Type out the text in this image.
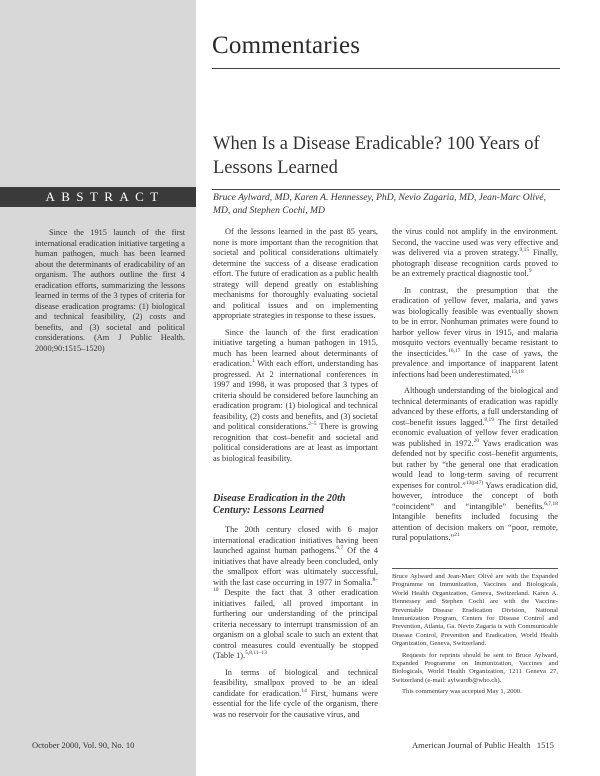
Commentaries
When Is a Disease Eradicable? 100 Years of Lessons Learned
ABSTRACT	Bruce Aylward, MD, Karen A. Hennessey, PhD, Nevio Zagaria, MD, Jean-Marc Olivé, MD, and Stephen Cochi, MD

Since the 1915 launch of the first international eradication initiative targeting a human pathogen, much has been learned about the determinants of eradicability of an organism. The authors outline the first 4 eradication efforts, summarizing the lessons learned in terms of the 3 types of criteria for disease eradication programs: (1) biological and technical feasibility, (2) costs and benefits, and (3) societal and political considerations. (Am J Public Health. 2000;90:1515–1520)

Of the lessons learned in the past 85 years, none is more important than the recognition that societal and political considerations ultimately determine the success of a disease eradication effort. The future of eradication as a public health strategy will depend greatly on establishing mechanisms for thoroughly evaluating societal and political issues and on implementing appropriate strategies in response to these issues.

Since the launch of the first eradication initiative targeting a human pathogen in 1915, much has been learned about determinants of eradication.$^1$ With each effort, understanding has progressed. At 2 international conferences in 1997 and 1998, it was proposed that 3 types of criteria should be considered before launching an eradication program: (1) biological and technical feasibility, (2) costs and benefits, and (3) societal and political considerations.$^{2-5}$ There is growing recognition that cost–benefit and societal and political considerations are at least as important as biological feasibility.

Disease Eradication in the 20th Century: Lessons Learned

The 20th century closed with 6 major international eradication initiatives having been launched against human pathogens.$^{6,7}$ Of the 4 initiatives that have already been concluded, only the smallpox effort was ultimately successful, with the last case occurring in 1977 in Somalia.$^{8-10}$ Despite the fact that 3 other eradication initiatives failed, all proved important in furthering our understanding of the principal criteria necessary to interrupt transmission of an organism on a global scale to such an extent that control measures could eventually be stopped (Table 1).$^{5,8,11-13}$

In terms of biological and technical feasibility, smallpox proved to be an ideal candidate for eradication.$^{14}$ First, humans were essential for the life cycle of the organism, there was no reservoir for the causative virus, and

the virus could not amplify in the environment. Second, the vaccine used was very effective and was delivered via a proven strategy.$^{9,15}$ Finally, photograph disease recognition cards proved to be an extremely practical diagnostic tool.$^9$

In contrast, the presumption that the eradication of yellow fever, malaria, and yaws was biologically feasible was eventually shown to be in error. Nonhuman primates were found to harbor yellow fever virus in 1915, and malaria mosquito vectors eventually became resistant to the insecticides.$^{16,17}$ In the case of yaws, the prevalence and importance of inapparent latent infections had been underestimated.$^{13,18}$

Although understanding of the biological and technical determinants of eradication was rapidly advanced by these efforts, a full understanding of cost–benefit issues lagged.$^{8,19}$ The first detailed economic evaluation of yellow fever eradication was published in 1972.20 Yaws eradication was defended not by specific cost–benefit arguments, but rather by “the general one that eradication would lead to long-term saving of recurrent expenses for control.”$^{13(p47)}$ Yaws eradication did, however, introduce the concept of both “coincident” and “intangible” benefits.$^{6,7,18}$ Intangible benefits included focusing the attention of decision makers on “poor, remote, rural populations.”$^{21}$

Bruce Aylward and Jean-Marc Olivé are with the Expanded Programme on Immunization, Vaccines and Biologicals, World Health Organization, Geneva, Switzerland. Karen A. Hennessey and Stephen Cochi are with the Vaccine-Preventable Disease Eradication Division, National Immunization Program, Centers for Disease Control and Prevention, Atlanta, Ga. Nevio Zagaria is with Communicable Disease Control, Prevention and Eradication, World Health Organization, Geneva, Switzerland.

Requests for reprints should be sent to Bruce Aylward, Expanded Programme on Immunization, Vaccines and Biologicals, World Health Organization, 1211 Geneva 27, Switzerland (e-mail: aylwardb@who.ch).

This commentary was accepted May 1, 2000.

October 2000, Vol. 90, No. 10	American Journal of Public Health   1515
